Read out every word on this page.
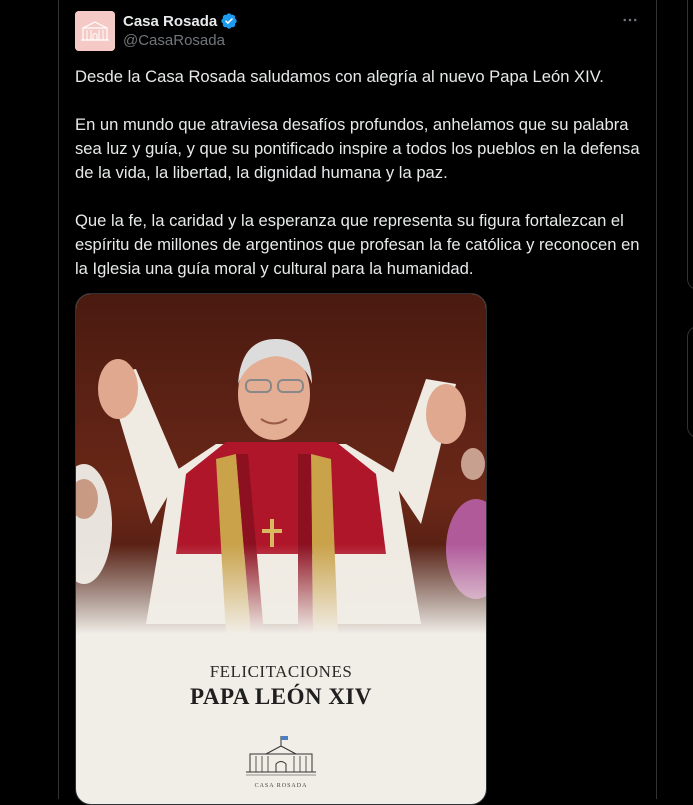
Casa Rosada
@CasaRosada

Desde la Casa Rosada saludamos con alegría al nuevo Papa León XIV.

En un mundo que atraviesa desafíos profundos, anhelamos que su palabra sea luz y guía, y que su pontificado inspire a todos los pueblos en la defensa de la vida, la libertad, la dignidad humana y la paz.

Que la fe, la caridad y la esperanza que representa su figura fortalezcan el espíritu de millones de argentinos que profesan la fe católica y reconocen en la Iglesia una guía moral y cultural para la humanidad.

FELICITACIONES
PAPA LEÓN XIV
CASA ROSADA
